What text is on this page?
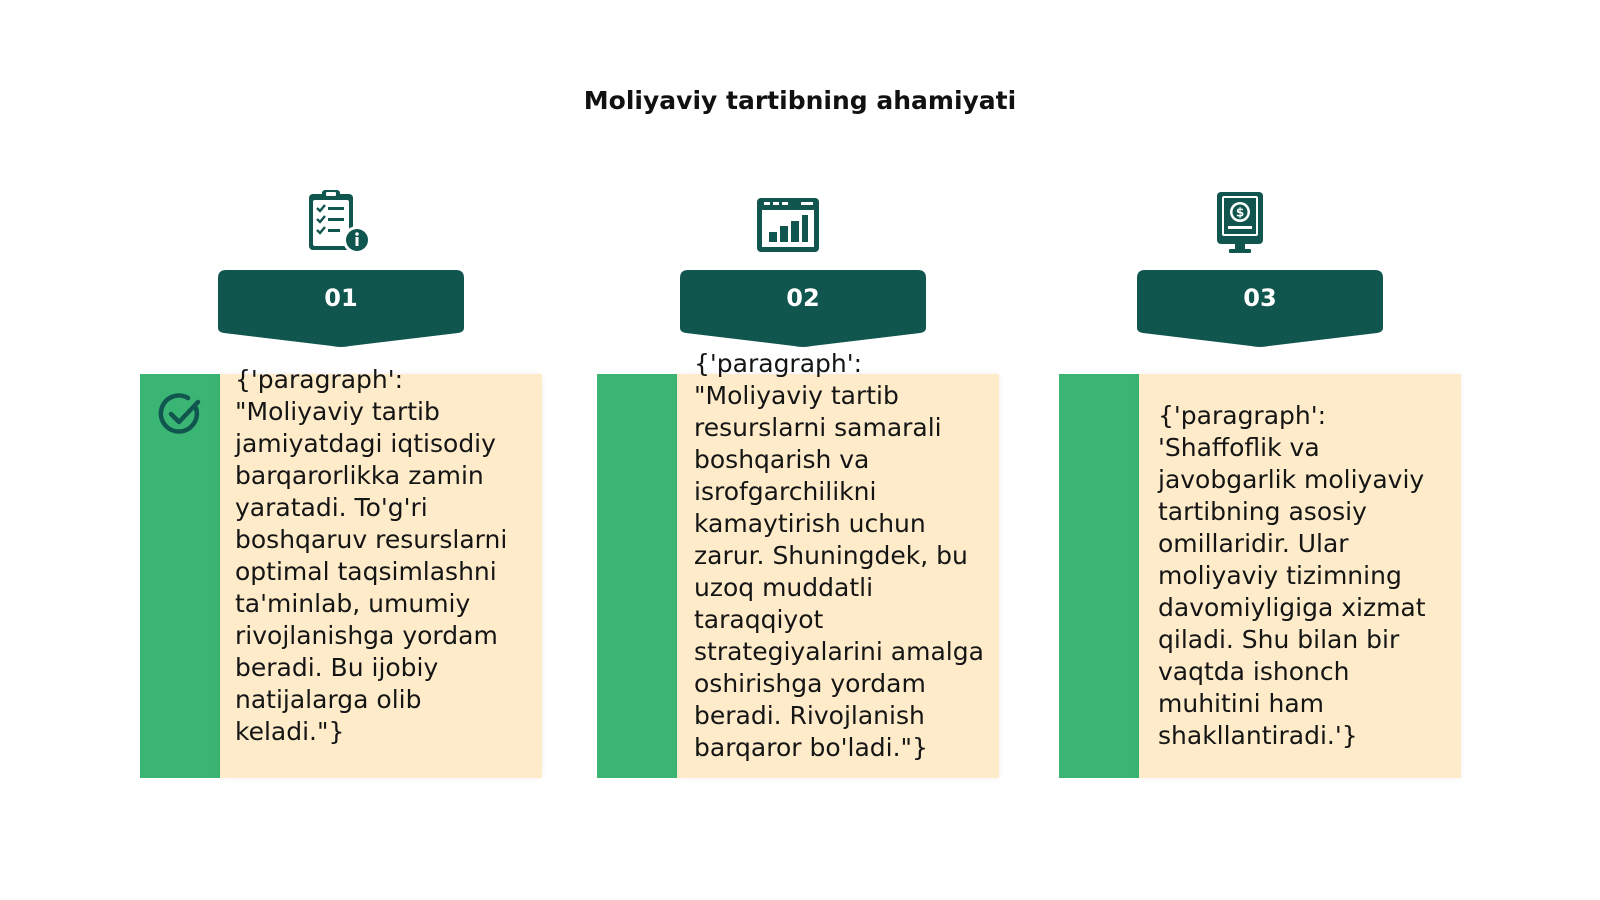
Moliyaviy tartibning ahamiyati
01
{'paragraph': "Moliyaviy tartib jamiyatdagi iqtisodiy barqarorlikka zamin yaratadi. To'g'ri boshqaruv resurslarni optimal taqsimlashni ta'minlab, umumiy rivojlanishga yordam beradi. Bu ijobiy natijalarga olib keladi."}
02
{'paragraph': "Moliyaviy tartib resurslarni samarali boshqarish va isrofgarchilikni kamaytirish uchun zarur. Shuningdek, bu uzoq muddatli taraqqiyot strategiyalarini amalga oshirishga yordam beradi. Rivojlanish barqaror bo'ladi."}
$
03
{'paragraph': 'Shaffoflik va javobgarlik moliyaviy tartibning asosiy omillaridir. Ular moliyaviy tizimning davomiyligiga xizmat qiladi. Shu bilan bir vaqtda ishonch muhitini ham shakllantiradi.'}
